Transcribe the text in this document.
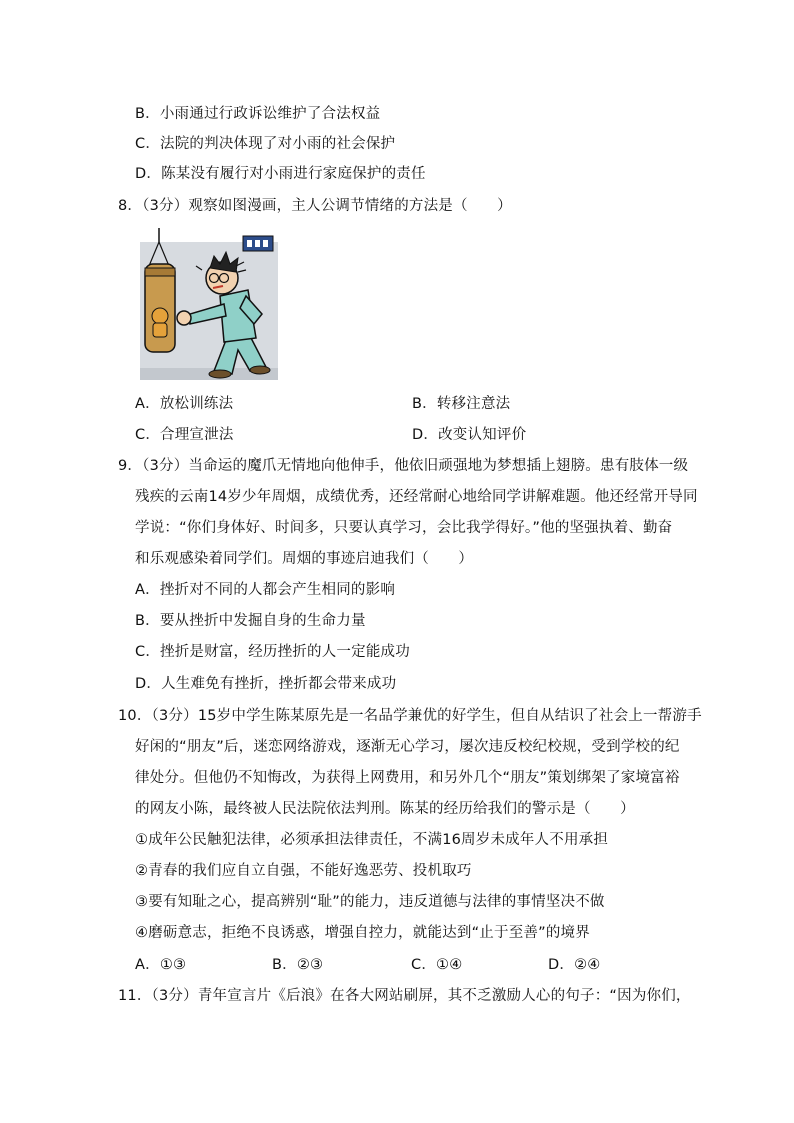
B．小雨通过行政诉讼维护了合法权益
C．法院的判决体现了对小雨的社会保护
D．陈某没有履行对小雨进行家庭保护的责任
8．（3分）观察如图漫画，主人公调节情绪的方法是（　　）
A．放松训练法	B．转移注意法
C．合理宣泄法	D．改变认知评价
9．（3分）当命运的魔爪无情地向他伸手，他依旧顽强地为梦想插上翅膀。患有肢体一级
残疾的云南14岁少年周烟，成绩优秀，还经常耐心地给同学讲解难题。他还经常开导同
学说：“你们身体好、时间多，只要认真学习，会比我学得好。”他的坚强执着、勤奋
和乐观感染着同学们。周烟的事迹启迪我们（　　）
A．挫折对不同的人都会产生相同的影响
B．要从挫折中发掘自身的生命力量
C．挫折是财富，经历挫折的人一定能成功
D．人生难免有挫折，挫折都会带来成功
10．（3分）15岁中学生陈某原先是一名品学兼优的好学生，但自从结识了社会上一帮游手
好闲的“朋友”后，迷恋网络游戏，逐渐无心学习，屡次违反校纪校规，受到学校的纪
律处分。但他仍不知悔改，为获得上网费用，和另外几个“朋友”策划绑架了家境富裕
的网友小陈，最终被人民法院依法判刑。陈某的经历给我们的警示是（　　）
①成年公民触犯法律，必须承担法律责任，不满16周岁未成年人不用承担
②青春的我们应自立自强，不能好逸恶劳、投机取巧
③要有知耻之心，提高辨别“耻”的能力，违反道德与法律的事情坚决不做
④磨砺意志，拒绝不良诱惑，增强自控力，就能达到“止于至善”的境界
A．①③	B．②③	C．①④	D．②④
11．（3分）青年宣言片《后浪》在各大网站刷屏，其不乏激励人心的句子：“因为你们，
